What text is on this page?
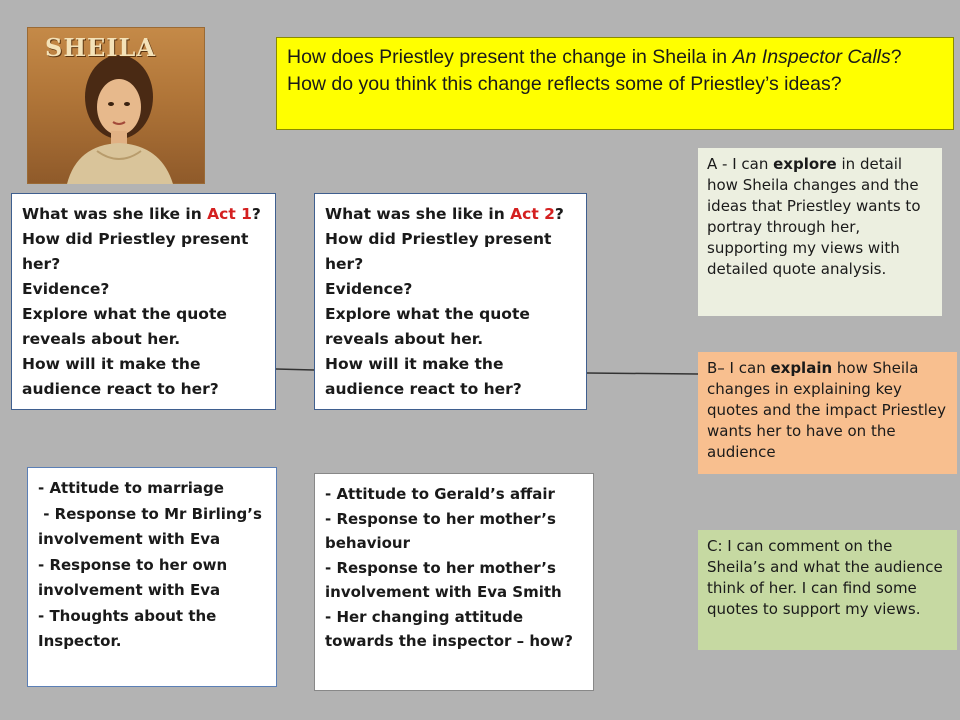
SHEILA	How does Priestley present the change in Sheila in An Inspector Calls? How do you think this change reflects some of Priestley’s ideas?

What was she like in Act 1?

How did Priestley present her?

Evidence?

Explore what the quote reveals about her.

How will it make the audience react to her?

What was she like in Act 2?

How did Priestley present her?

Evidence?

Explore what the quote reveals about her.

How will it make the audience react to her?

- Attitude to marriage

- Response to Mr Birling’s involvement with Eva

- Response to her own involvement with Eva

- Thoughts about the Inspector.

- Attitude to Gerald’s affair

- Response to her mother’s behaviour

- Response to her mother’s involvement with Eva Smith

- Her changing attitude towards the inspector – how?

A - I can explore in detail how Sheila changes and the ideas that Priestley wants to portray through her, supporting my views with detailed quote analysis.
B– I can explain how Sheila changes in explaining key quotes and the impact Priestley wants her to have on the audience
C: I can comment on the Sheila’s and what the audience think of her. I can find some quotes to support my views.
